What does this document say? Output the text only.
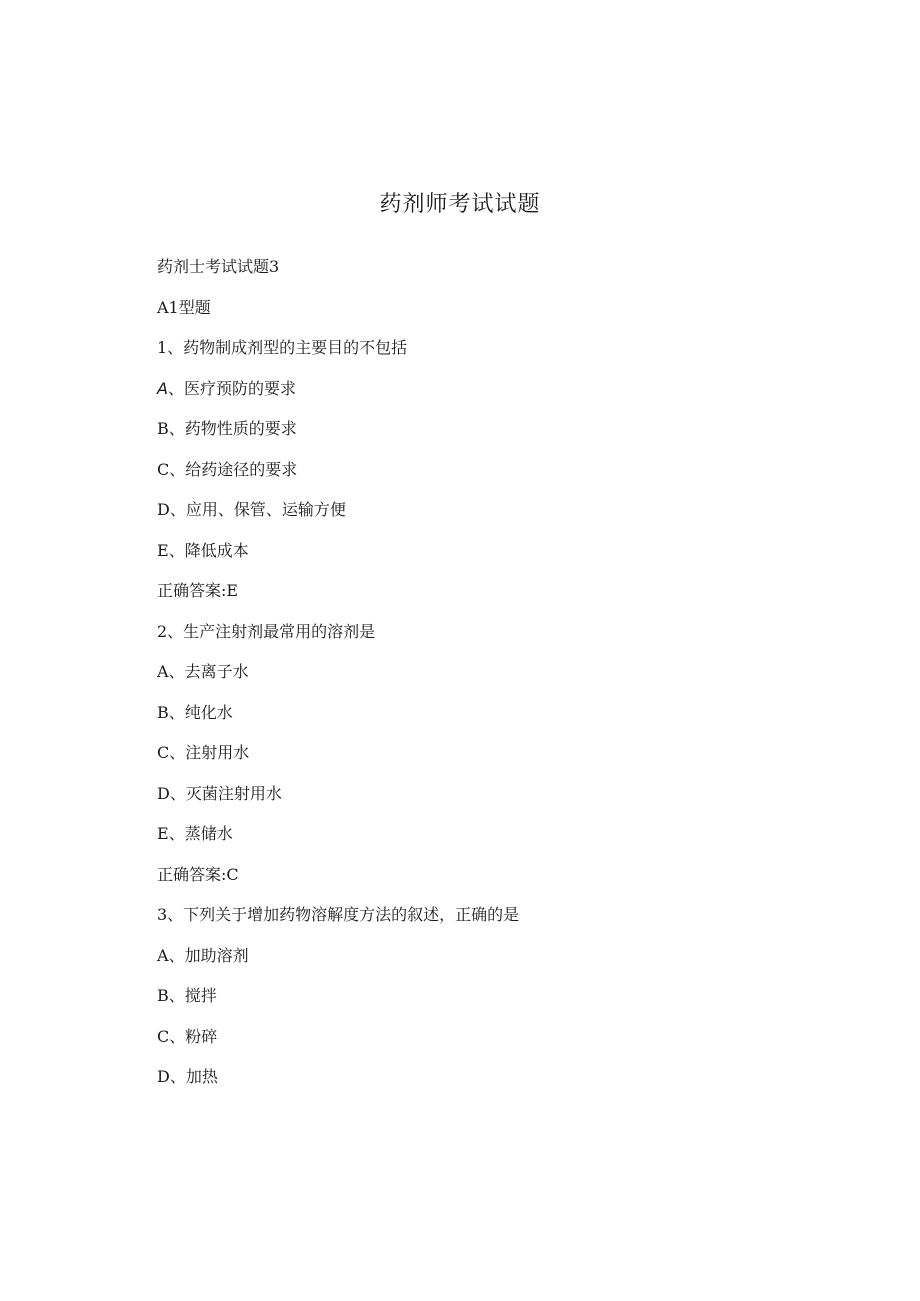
药剂师考试试题
药剂士考试试题3
A1型题
1、药物制成剂型的主要目的不包括
A、医疗预防的要求
B、药物性质的要求
C、给药途径的要求
D、应用、保管、运输方便
E、降低成本
正确答案:E
2、生产注射剂最常用的溶剂是
A、去离子水
B、纯化水
C、注射用水
D、灭菌注射用水
E、蒸储水
正确答案:C
3、下列关于增加药物溶解度方法的叙述，正确的是
A、加助溶剂
B、搅拌
C、粉碎
D、加热
